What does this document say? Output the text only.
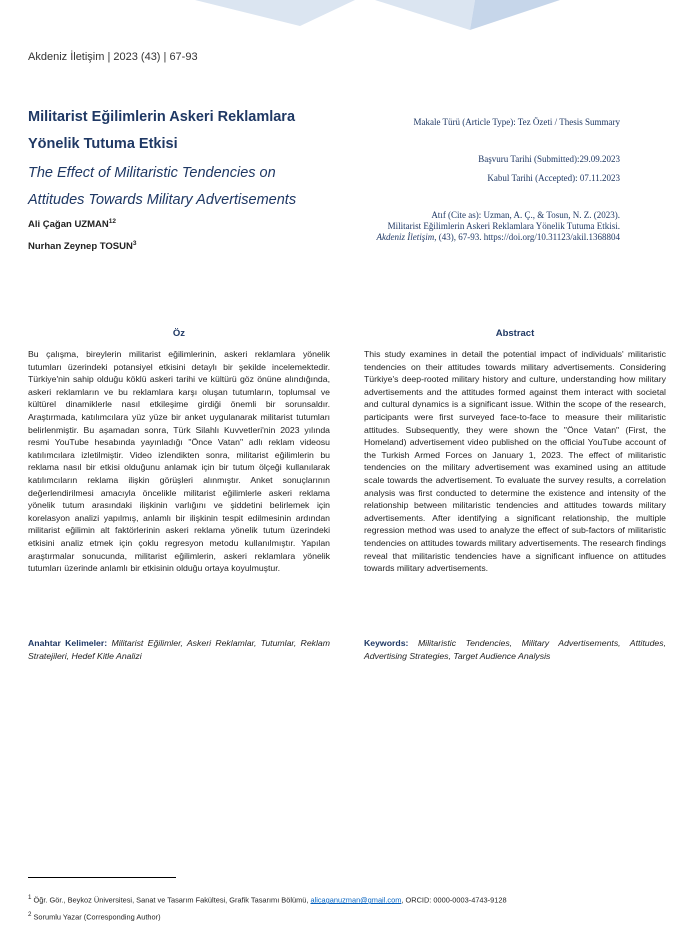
Akdeniz İletişim | 2023 (43) | 67-93
Militarist Eğilimlerin Askeri Reklamlara
Yönelik Tutuma Etkisi
The Effect of Militaristic Tendencies on
Attitudes Towards Military Advertisements
Ali Çağan UZMAN$^{12}$
Nurhan Zeynep TOSUN$^3$
Makale Türü (Article Type): Tez Özeti / Thesis Summary
Başvuru Tarihi (Submitted):29.09.2023
Kabul Tarihi (Accepted): 07.11.2023
Atıf (Cite as): Uzman, A. Ç., & Tosun, N. Z. (2023).
Militarist Eğilimlerin Askeri Reklamlara Yönelik Tutuma Etkisi.
Akdeniz İletişim, (43), 67-93. https://doi.org/10.31123/akil.1368804
Öz	Abstract
Bu çalışma, bireylerin militarist eğilimlerinin, askeri reklamlara yönelik tutumları üzerindeki potansiyel etkisini detaylı bir şekilde incelemektedir. Türkiye'nin sahip olduğu köklü askeri tarihi ve kültürü göz önüne alındığında, askeri reklamların ve bu reklamlara karşı oluşan tutumların, toplumsal ve kültürel dinamiklerle nasıl etkileşime girdiği önemli bir sorunsaldır. Araştırmada, katılımcılara yüz yüze bir anket uygulanarak militarist tutumları belirlenmiştir. Bu aşamadan sonra, Türk Silahlı Kuvvetleri'nin 2023 yılında resmi YouTube hesabında yayınladığı "Önce Vatan" adlı reklam videosu katılımcılara izletilmiştir. Video izlendikten sonra, militarist eğilimlerin bu reklama nasıl bir etkisi olduğunu anlamak için bir tutum ölçeği kullanılarak katılımcıların reklama ilişkin görüşleri alınmıştır. Anket sonuçlarının değerlendirilmesi amacıyla öncelikle militarist eğilimlerle askeri reklama yönelik tutum arasındaki ilişkinin varlığını ve şiddetini belirlemek için korelasyon analizi yapılmış, anlamlı bir ilişkinin tespit edilmesinin ardından militarist eğilimin alt faktörlerinin askeri reklama yönelik tutum üzerindeki etkisini analiz etmek için çoklu regresyon metodu kullanılmıştır. Yapılan araştırmalar sonucunda, militarist eğilimlerin, askeri reklamlara yönelik tutumları üzerinde anlamlı bir etkisinin olduğu ortaya koyulmuştur.
This study examines in detail the potential impact of individuals' militaristic tendencies on their attitudes towards military advertisements. Considering Türkiye's deep-rooted military history and culture, understanding how military advertisements and the attitudes formed against them interact with societal and cultural dynamics is a significant issue. Within the scope of the research, participants were first surveyed face-to-face to measure their militaristic attitudes. Subsequently, they were shown the "Önce Vatan" (First, the Homeland) advertisement video published on the official YouTube account of the Turkish Armed Forces on January 1, 2023. The effect of militaristic tendencies on the military advertisement was examined using an attitude scale towards the advertisement. To evaluate the survey results, a correlation analysis was first conducted to determine the existence and intensity of the relationship between militaristic tendencies and attitudes towards military advertisements. After identifying a significant relationship, the multiple regression method was used to analyze the effect of sub-factors of militaristic tendencies on attitudes towards military advertisements. The research findings reveal that militaristic tendencies have a significant influence on attitudes towards military advertisements.
Anahtar Kelimeler: Militarist Eğilimler, Askeri Reklamlar, Tutumlar, Reklam Stratejileri, Hedef Kitle Analizi
Keywords: Militaristic Tendencies, Military Advertisements, Attitudes, Advertising Strategies, Target Audience Analysis
$^1$ Öğr. Gör., Beykoz Üniversitesi, Sanat ve Tasarım Fakültesi, Grafik Tasarımı Bölümü, alicaganuzman@gmail.com, ORCID: 0000-0003-4743-9128
$^2$ Sorumlu Yazar (Corresponding Author)
